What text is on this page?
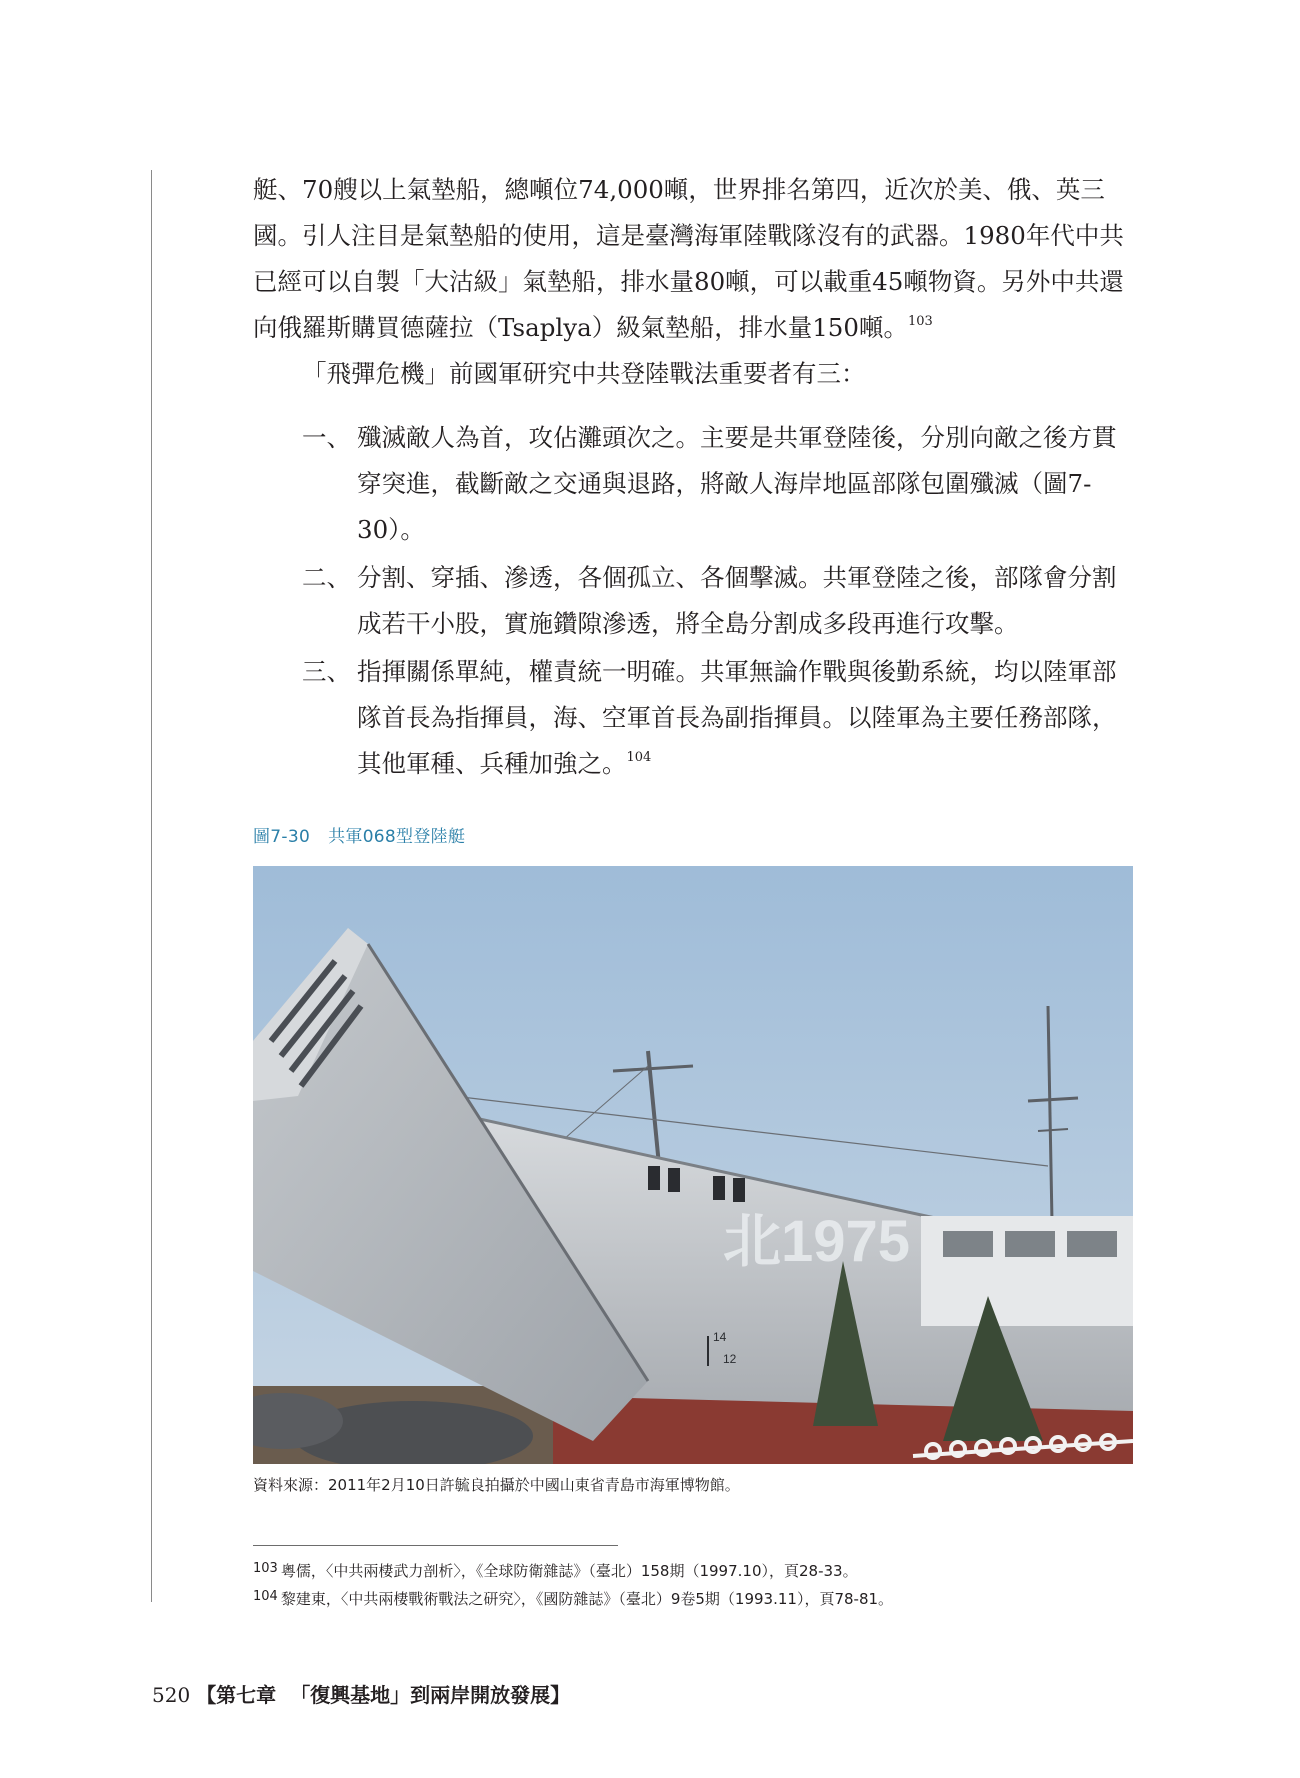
艇、70艘以上氣墊船，總噸位74,000噸，世界排名第四，近次於美、俄、英三國。引人注目是氣墊船的使用，這是臺灣海軍陸戰隊沒有的武器。1980年代中共已經可以自製「大沽級」氣墊船，排水量80噸，可以載重45噸物資。另外中共還向俄羅斯購買德薩拉（Tsaplya）級氣墊船，排水量150噸。$^{103}$

「飛彈危機」前國軍研究中共登陸戰法重要者有三：

一、 殲滅敵人為首，攻佔灘頭次之。主要是共軍登陸後，分別向敵之後方貫穿突進，截斷敵之交通與退路，將敵人海岸地區部隊包圍殲滅（圖7-30）。
二、 分割、穿插、滲透，各個孤立、各個擊滅。共軍登陸之後，部隊會分割成若干小股，實施鑽隙滲透，將全島分割成多段再進行攻擊。
三、 指揮關係單純，權責統一明確。共軍無論作戰與後勤系統，均以陸軍部隊首長為指揮員，海、空軍首長為副指揮員。以陸軍為主要任務部隊，其他軍種、兵種加強之。$^{104}$
圖7-30 共軍068型登陸艇
北1975
14
12
資料來源：2011年2月10日許毓良拍攝於中國山東省青島市海軍博物館。

103 粵儒，〈中共兩棲武力剖析〉，《全球防衛雜誌》（臺北）158期（1997.10），頁28-33。

104 黎建東，〈中共兩棲戰術戰法之研究〉，《國防雜誌》（臺北）9卷5期（1993.11），頁78-81。

520 【第七章 「復興基地」到兩岸開放發展】
